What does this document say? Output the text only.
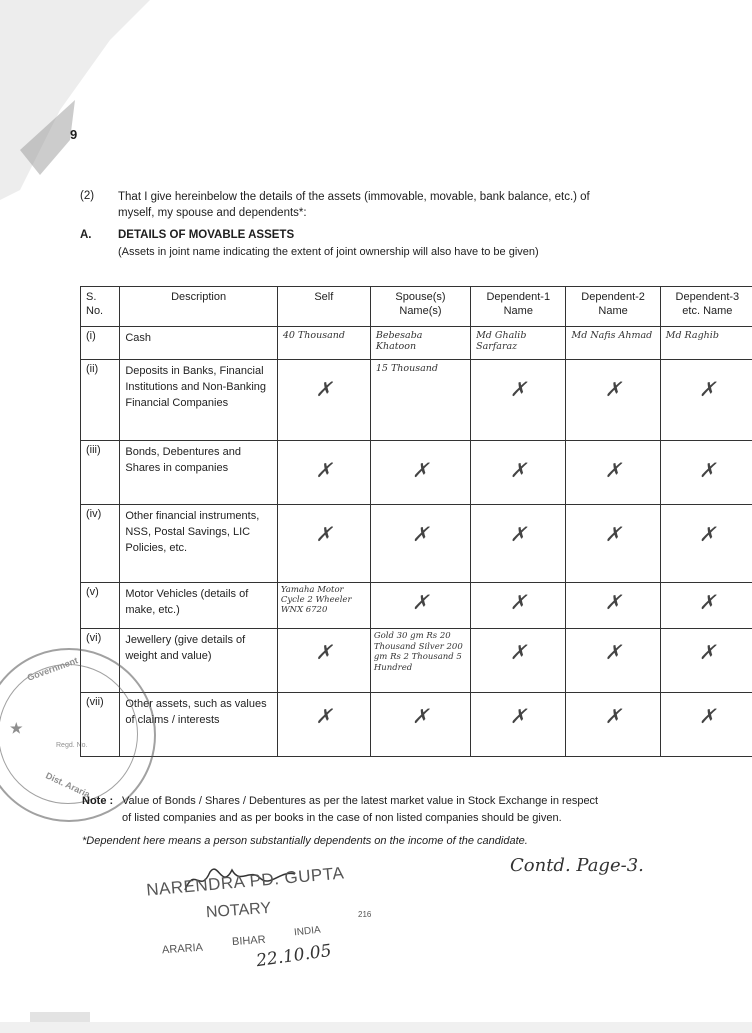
9
(2) That I give hereinbelow the details of the assets (immovable, movable, bank balance, etc.) of
myself, my spouse and dependents*:
A. DETAILS OF MOVABLE ASSETS
(Assets in joint name indicating the extent of joint ownership will also have to be given)
S. No.	Description	Self	Spouse(s) Name(s)	Dependent-1 Name	Dependent-2 Name	Dependent-3 etc. Name
(i)	Cash	40 Thousand	Bebesaba Khatoon	Md Ghalib Sarfaraz	Md Nafis Ahmad	Md Raghib
(ii)	Deposits in Banks, Financial Institutions and Non-Banking Financial Companies	✗	15 Thousand	✗	✗	✗

(iii)	Bonds, Debentures and Shares in companies	✗	✗	✗	✗	✗

(iv)	Other financial instruments, NSS, Postal Savings, LIC Policies, etc.	✗	✗	✗	✗	✗

(v)	Motor Vehicles (details of make, etc.)	Yamaha Motor Cycle 2 Wheeler WNX 6720	✗	✗	✗	✗

(vi)	Jewellery (give details of weight and value)	✗	Gold 30 gm Rs 20 Thousand Silver 200 gm Rs 2 Thousand 5 Hundred	✗	✗	✗

(vii)	Other assets, such as values of claims / interests	✗	✗	✗	✗	✗
Government
Dist. Araria
Regd. No.
★
Note : Value of Bonds / Shares / Debentures as per the latest market value in Stock Exchange in respect
of listed companies and as per books in the case of non listed companies should be given.
*Dependent here means a person substantially dependents on the income of the candidate.
Contd. Page-3.
NARENDRA PD. GUPTA
NOTARY	216
ARARIA
BIHAR
INDIA
22.10.05
